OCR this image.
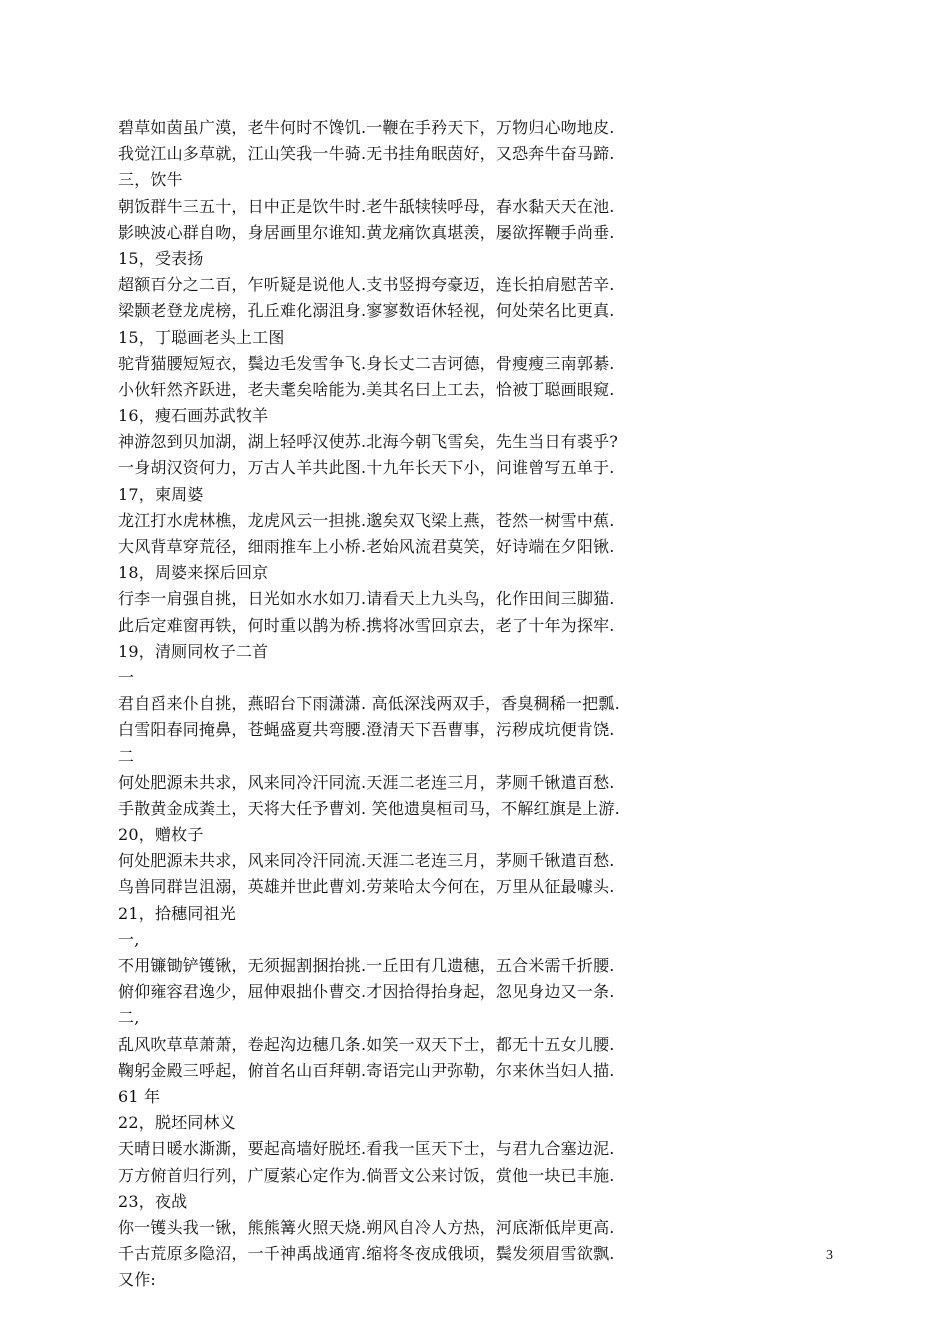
碧草如茵虽广漠，老牛何时不馋饥.一鞭在手矜天下，万物归心吻地皮.
我觉江山多草就，江山笑我一牛骑.无书挂角眠茵好，又恐奔牛奋马蹄.
三，饮牛
朝饭群牛三五十，日中正是饮牛时.老牛舐犊犊呼母，春水黏天天在池.
影映波心群自吻，身居画里尔谁知.黄龙痛饮真堪羡，屡欲挥鞭手尚垂.
15，受表扬
超额百分之二百，乍听疑是说他人.支书竖拇夸豪迈，连长拍肩慰苦辛.
梁颢老登龙虎榜，孔丘难化溺沮身.寥寥数语休轻视，何处荣名比更真.
15，丁聪画老头上工图
驼背猫腰短短衣，鬓边毛发雪争飞.身长丈二吉诃德，骨瘦瘦三南郭綦.
小伙轩然齐跃进，老夫耄矣啥能为.美其名曰上工去，恰被丁聪画眼窥.
16，瘦石画苏武牧羊
神游忽到贝加湖，湖上轻呼汉使苏.北海今朝飞雪矣，先生当日有裘乎?
一身胡汉资何力，万古人羊共此图.十九年长天下小，问谁曾写五单于.
17，柬周婆
龙江打水虎林樵，龙虎风云一担挑.邈矣双飞梁上燕，苍然一树雪中蕉.
大风背草穿荒径，细雨推车上小桥.老始风流君莫笑，好诗端在夕阳锹.
18，周婆来探后回京
行李一肩强自挑，日光如水水如刀.请看天上九头鸟，化作田间三脚猫.
此后定难窗再铁，何时重以鹊为桥.携将冰雪回京去，老了十年为探牢.
19，清厕同枚子二首
一
君自舀来仆自挑，燕昭台下雨潇潇. 高低深浅两双手，香臭稠稀一把瓢.
白雪阳春同掩鼻，苍蝇盛夏共弯腰.澄清天下吾曹事，污秽成坑便肯饶.
二
何处肥源未共求，风来同冷汗同流.天涯二老连三月，茅厕千锹遣百愁.
手散黄金成粪土，天将大任予曹刘. 笑他遗臭桓司马，不解红旗是上游.
20，赠枚子
何处肥源未共求，风来同冷汗同流.天涯二老连三月，茅厕千锹遣百愁.
鸟兽同群岂沮溺，英雄并世此曹刘.劳莱哈太今何在，万里从征最噱头.
21，拾穗同祖光
一,
不用镰锄铲镬锹，无须掘割捆抬挑.一丘田有几遗穗，五合米需千折腰.
俯仰雍容君逸少，屈伸艰拙仆曹交.才因拾得抬身起，忽见身边又一条.
二,
乱风吹草草萧萧，卷起沟边穗几条.如笑一双天下士，都无十五女儿腰.
鞠躬金殿三呼起，俯首名山百拜朝.寄语完山尹弥勒，尔来休当妇人描.
61 年
22，脱坯同林义
天晴日暖水澌澌，要起高墙好脱坯.看我一匡天下士，与君九合塞边泥.
万方俯首归行列，广厦萦心定作为.倘晋文公来讨饭，赏他一块已丰施.
23，夜战
你一镬头我一锹，熊熊篝火照天烧.朔风自冷人方热，河底渐低岸更高.
千古荒原多隐沼，一千神禹战通宵.缩将冬夜成俄顷，鬓发须眉雪欲飘.
又作:
3
